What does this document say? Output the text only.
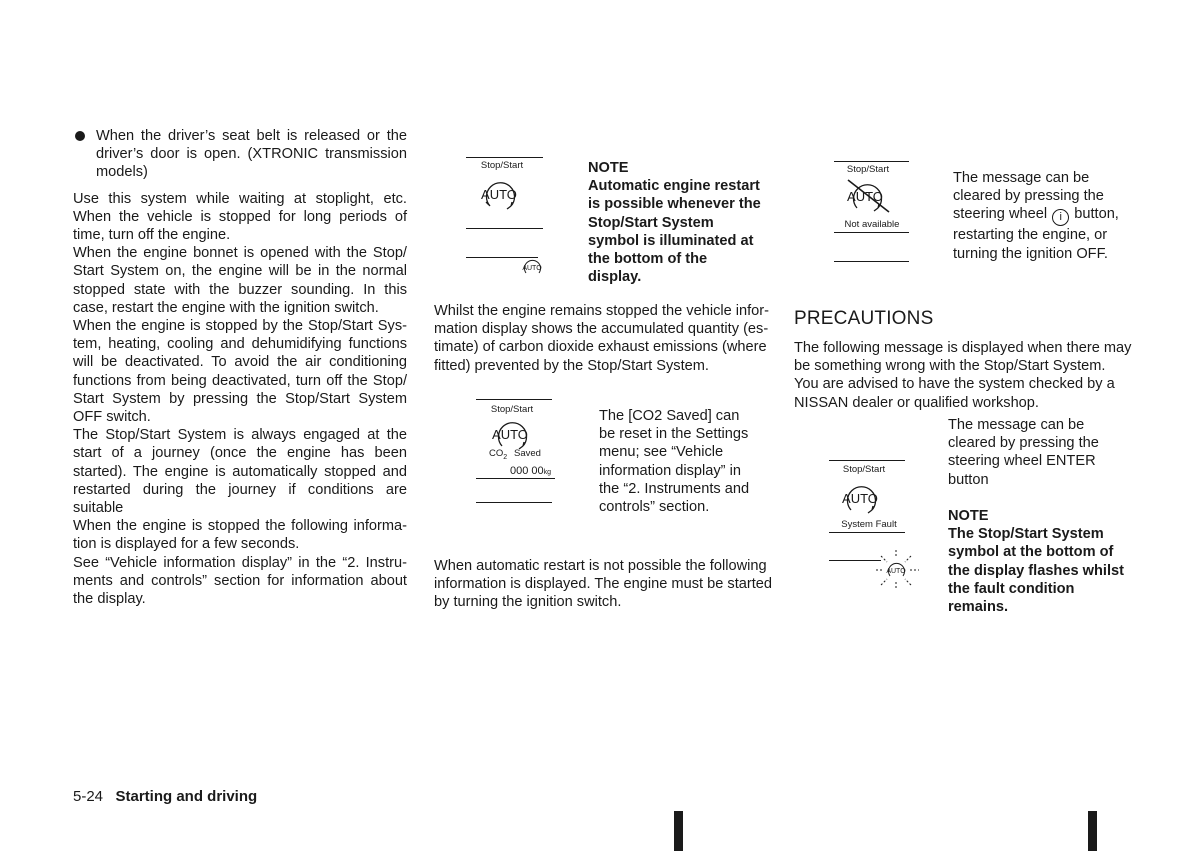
When the driver’s seat belt is released or the driver’s door is open. (XTRONIC transmission models)

Use this system while waiting at stoplight, etc. When the vehicle is stopped for long periods of time, turn off the engine.

When the engine bonnet is opened with the Stop/ Start System on, the engine will be in the normal stopped state with the buzzer sounding. In this case, restart the engine with the ignition switch.

When the engine is stopped by the Stop/Start Sys- tem, heating, cooling and dehumidifying functions will be deactivated. To avoid the air conditioning functions from being deactivated, turn off the Stop/ Start System by pressing the Stop/Start System OFF switch.

The Stop/Start System is always engaged at the start of a journey (once the engine has been started). The engine is automatically stopped and restarted during the journey if conditions are suitable

When the engine is stopped the following informa- tion is displayed for a few seconds.

See “Vehicle information display” in the “2. Instru- ments and controls” section for information about the display.

Stop/Start
AUTO
AUTO
NOTE
Automatic engine restart
is possible whenever the
Stop/Start System
symbol is illuminated at
the bottom of the
display.
Whilst the engine remains stopped the vehicle infor-
mation display shows the accumulated quantity (es-
timate) of carbon dioxide exhaust emissions (where
fitted) prevented by the Stop/Start System.
Stop/Start
AUTO
$CO_2$ Saved
000 00kg
The [CO2 Saved] can
be reset in the Settings
menu; see “Vehicle
information display” in
the “2. Instruments and
controls” section.
When automatic restart is not possible the following
information is displayed. The engine must be started
by turning the ignition switch.
Stop/Start
AUTO
Not available
The message can be
cleared by pressing the
steering wheel i button,
restarting the engine, or
turning the ignition OFF.
PRECAUTIONS
The following message is displayed when there may
be something wrong with the Stop/Start System.
You are advised to have the system checked by a
NISSAN dealer or qualified workshop.
Stop/Start
AUTO
System Fault
AUTO
The message can be
cleared by pressing the
steering wheel ENTER
button
NOTE
The Stop/Start System
symbol at the bottom of
the display flashes whilst
the fault condition
remains.
5-24 Starting and driving
